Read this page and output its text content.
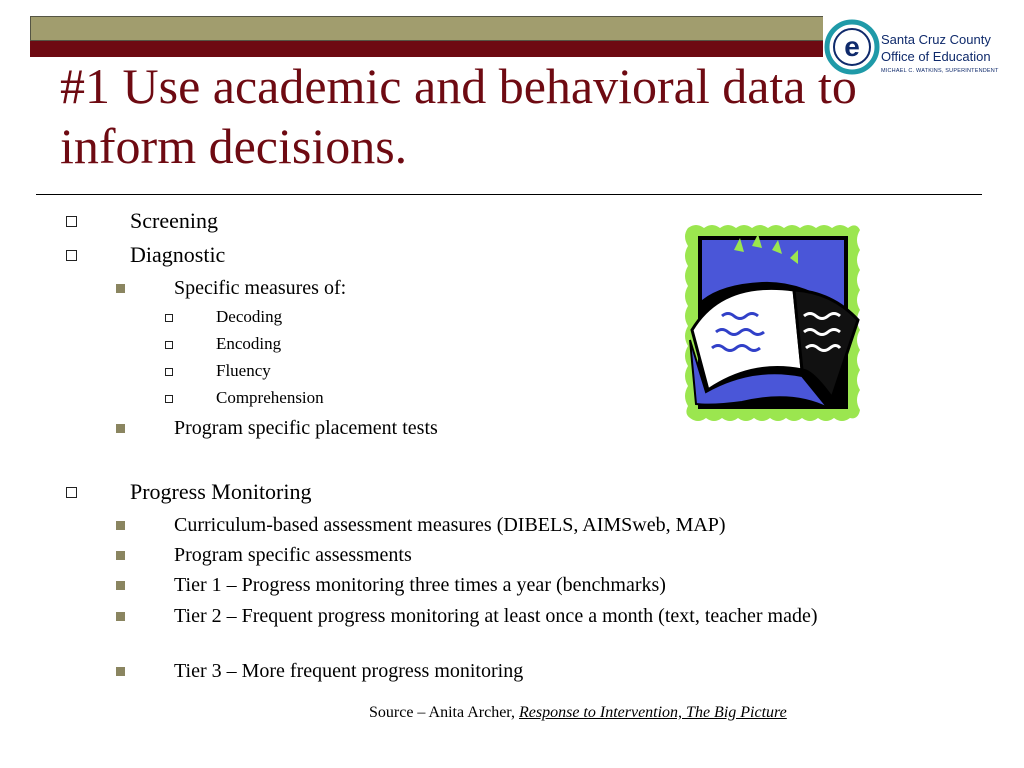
e Santa Cruz County
Office of Education
MICHAEL C. WATKINS, SUPERINTENDENT
#1 Use academic and behavioral data to inform decisions.
Screening
Diagnostic
Specific measures of:
Decoding
Encoding
Fluency
Comprehension
Program specific placement tests
Progress Monitoring
Curriculum-based assessment measures (DIBELS, AIMSweb, MAP)
Program specific assessments
Tier 1 – Progress monitoring three times a year (benchmarks)
Tier 2 – Frequent progress monitoring at least once a month (text, teacher made)
Tier 3 – More frequent progress monitoring
Source – Anita Archer, Response to Intervention, The Big Picture
